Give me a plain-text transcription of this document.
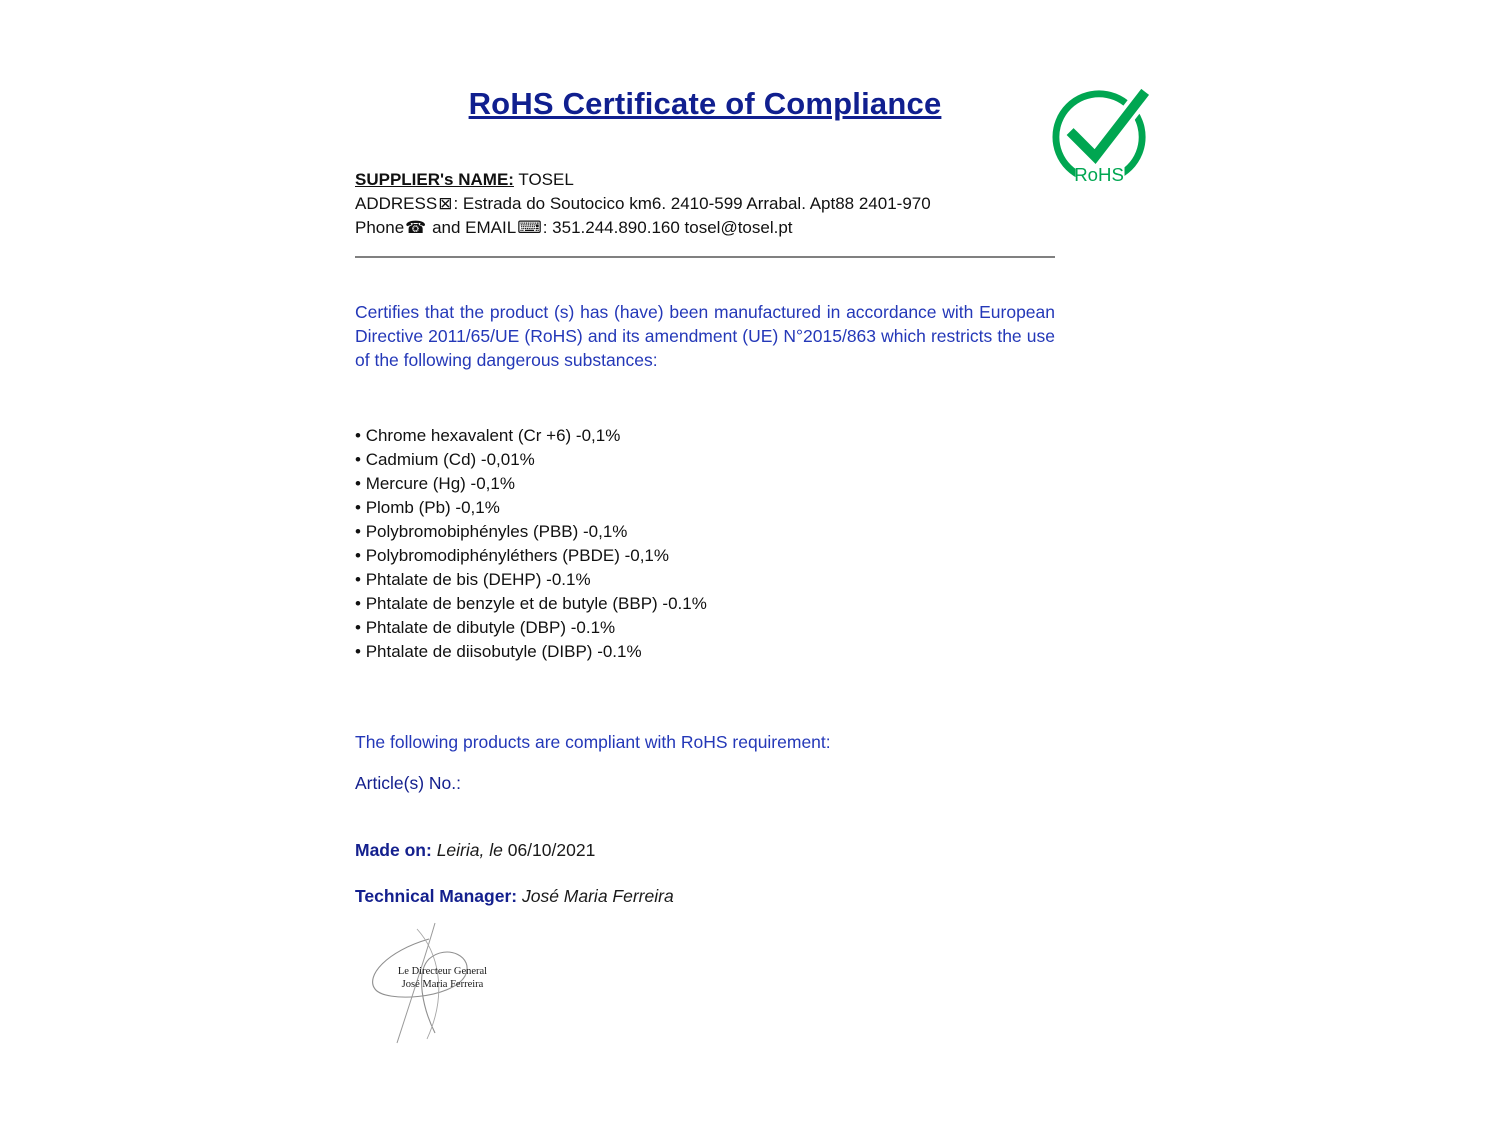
RoHS
RoHS Certificate of Compliance

SUPPLIER's NAME: TOSEL

ADDRESS⊠: Estrada do Soutocico km6. 2410-599 Arrabal. Apt88 2401-970

Phone☎ and EMAIL⌨: 351.244.890.160 tosel@tosel.pt

Certifies that the product (s) has (have) been manufactured in accordance with European Directive 2011/65/UE (RoHS) and its amendment (UE) N°2015/863 which restricts the use of the following dangerous substances:

• Chrome hexavalent (Cr +6) -0,1%
• Cadmium (Cd) -0,01%
• Mercure (Hg) -0,1%
• Plomb (Pb) -0,1%
• Polybromobiphényles (PBB) -0,1%
• Polybromodiphényléthers (PBDE) -0,1%
• Phtalate de bis (DEHP) -0.1%
• Phtalate de benzyle et de butyle (BBP) -0.1%
• Phtalate de dibutyle (DBP) -0.1%
• Phtalate de diisobutyle (DIBP) -0.1%

The following products are compliant with RoHS requirement:

Article(s) No.:

Made on: Leiria, le 06/10/2021

Technical Manager: José Maria Ferreira

Le Directeur General
José Maria Ferreira
